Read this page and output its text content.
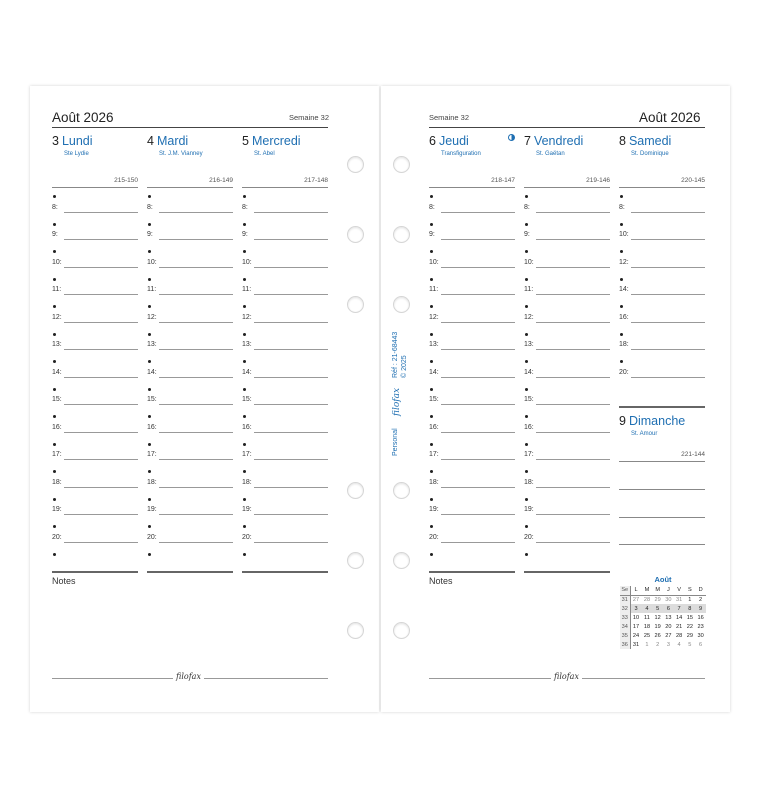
Août 2026	Semaine 32
3 Lundi
Ste Lydie
215-150
8:
9:
10:
11:
12:
13:
14:
15:
16:
17:
18:
19:
20:
4 Mardi
St. J.M. Vianney
216-149
8:
9:
10:
11:
12:
13:
14:
15:
16:
17:
18:
19:
20:
5 Mercredi
St. Abel
217-148
8:
9:
10:
11:
12:
13:
14:
15:
16:
17:
18:
19:
20:
Notes
filofax
Semaine 32	Août 2026
6 Jeudi
Transfiguration
218-147
8:
9:
10:
11:
12:
13:
14:
15:
16:
17:
18:
19:
20:
7 Vendredi
St. Gaëtan
219-146
8:
9:
10:
11:
12:
13:
14:
15:
16:
17:
18:
19:
20:
8 Samedi
St. Dominique
220-145
8:
10:
12:
14:
16:
18:
20:
9 Dimanche
St. Amour
221-144
Notes
filofax
Personal
filofax
Réf : 21-68443 © 2025
Août
Se	L	M	M	J	V	S	D
31	27	28	29	30	31	1	2
32	3	4	5	6	7	8	9
33	10	11	12	13	14	15	16
34	17	18	19	20	21	22	23
35	24	25	26	27	28	29	30
36	31	1	2	3	4	5	6
